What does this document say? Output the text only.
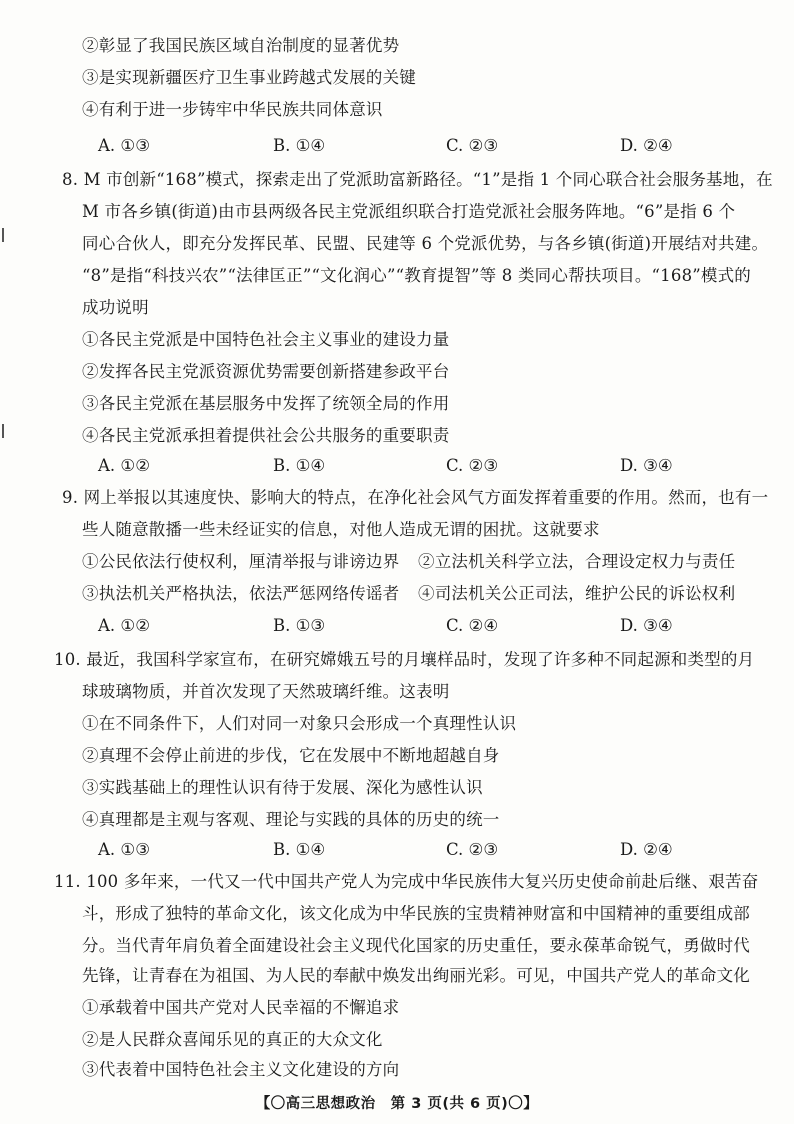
②彰显了我国民族区域自治制度的显著优势
③是实现新疆医疗卫生事业跨越式发展的关键
④有利于进一步铸牢中华民族共同体意识
A. ①③	B. ①④	C. ②③	D. ②④
8. M 市创新“168”模式，探索走出了党派助富新路径。“1”是指 1 个同心联合社会服务基地，在
M 市各乡镇(街道)由市县两级各民主党派组织联合打造党派社会服务阵地。“6”是指 6 个
同心合伙人，即充分发挥民革、民盟、民建等 6 个党派优势，与各乡镇(街道)开展结对共建。
“8”是指“科技兴农”“法律匡正”“文化润心”“教育提智”等 8 类同心帮扶项目。“168”模式的
成功说明
①各民主党派是中国特色社会主义事业的建设力量
②发挥各民主党派资源优势需要创新搭建参政平台
③各民主党派在基层服务中发挥了统领全局的作用
④各民主党派承担着提供社会公共服务的重要职责
A. ①②	B. ①④	C. ②③	D. ③④
9. 网上举报以其速度快、影响大的特点，在净化社会风气方面发挥着重要的作用。然而，也有一
些人随意散播一些未经证实的信息，对他人造成无谓的困扰。这就要求
①公民依法行使权利，厘清举报与诽谤边界 ②立法机关科学立法，合理设定权力与责任
③执法机关严格执法，依法严惩网络传谣者 ④司法机关公正司法，维护公民的诉讼权利
A. ①②	B. ①③	C. ②④	D. ③④
10. 最近，我国科学家宣布，在研究嫦娥五号的月壤样品时，发现了许多种不同起源和类型的月
球玻璃物质，并首次发现了天然玻璃纤维。这表明
①在不同条件下，人们对同一对象只会形成一个真理性认识
②真理不会停止前进的步伐，它在发展中不断地超越自身
③实践基础上的理性认识有待于发展、深化为感性认识
④真理都是主观与客观、理论与实践的具体的历史的统一
A. ①③	B. ①④	C. ②③	D. ②④
11. 100 多年来，一代又一代中国共产党人为完成中华民族伟大复兴历史使命前赴后继、艰苦奋
斗，形成了独特的革命文化，该文化成为中华民族的宝贵精神财富和中国精神的重要组成部
分。当代青年肩负着全面建设社会主义现代化国家的历史重任，要永葆革命锐气，勇做时代
先锋，让青春在为祖国、为人民的奉献中焕发出绚丽光彩。可见，中国共产党人的革命文化
①承载着中国共产党对人民幸福的不懈追求
②是人民群众喜闻乐见的真正的大众文化
③代表着中国特色社会主义文化建设的方向
【〇高三思想政治　第 3 页(共 6 页)〇】
